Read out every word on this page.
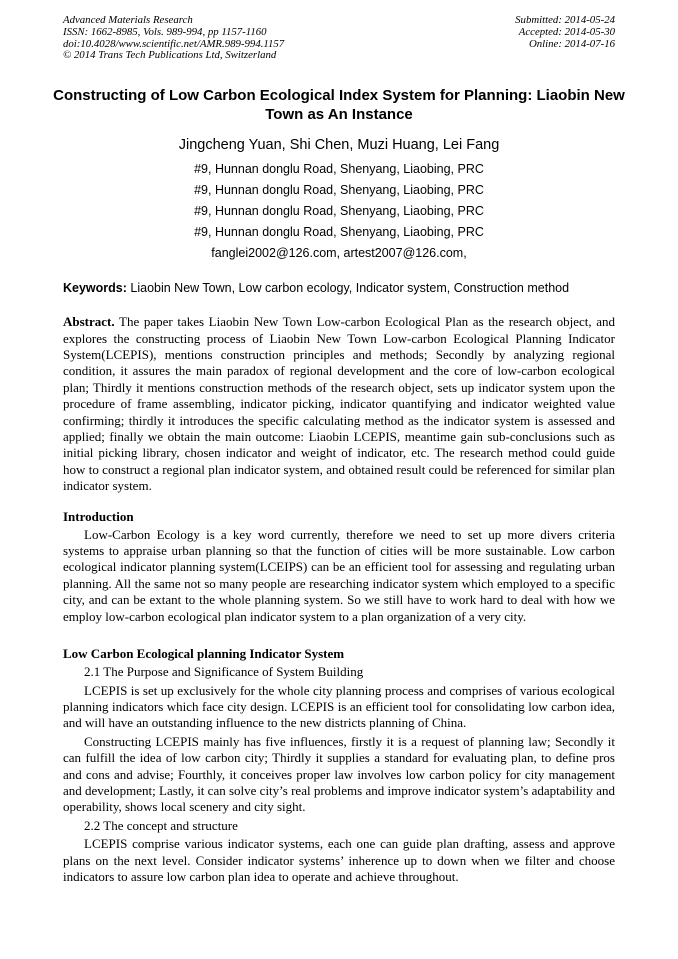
Advanced Materials Research
ISSN: 1662-8985, Vols. 989-994, pp 1157-1160
doi:10.4028/www.scientific.net/AMR.989-994.1157
© 2014 Trans Tech Publications Ltd, Switzerland
Submitted: 2014-05-24
Accepted: 2014-05-30
Online: 2014-07-16
Constructing of Low Carbon Ecological Index System for Planning: Liaobin New Town as An Instance
Jingcheng Yuan, Shi Chen, Muzi Huang, Lei Fang
#9, Hunnan donglu Road, Shenyang, Liaobing, PRC
#9, Hunnan donglu Road, Shenyang, Liaobing, PRC
#9, Hunnan donglu Road, Shenyang, Liaobing, PRC
#9, Hunnan donglu Road, Shenyang, Liaobing, PRC
fanglei2002@126.com, artest2007@126.com,

Keywords: Liaobin New Town, Low carbon ecology, Indicator system, Construction method

Abstract. The paper takes Liaobin New Town Low-carbon Ecological Plan as the research object, and explores the constructing process of Liaobin New Town Low-carbon Ecological Planning Indicator System(LCEPIS), mentions construction principles and methods; Secondly by analyzing regional condition, it assures the main paradox of regional development and the core of low-carbon ecological plan; Thirdly it mentions construction methods of the research object, sets up indicator system upon the procedure of frame assembling, indicator picking, indicator quantifying and indicator weighted value confirming; thirdly it introduces the specific calculating method as the indicator system is assessed and applied; finally we obtain the main outcome: Liaobin LCEPIS, meantime gain sub-conclusions such as initial picking library, chosen indicator and weight of indicator, etc. The research method could guide how to construct a regional plan indicator system, and obtained result could be referenced for similar plan indicator system.

Introduction

Low-Carbon Ecology is a key word currently, therefore we need to set up more divers criteria systems to appraise urban planning so that the function of cities will be more sustainable. Low carbon ecological indicator planning system(LCEIPS) can be an efficient tool for assessing and regulating urban planning. All the same not so many people are researching indicator system which employed to a specific city, and can be extant to the whole planning system. So we still have to work hard to deal with how we employ low-carbon ecological plan indicator system to a plan organization of a very city.

Low Carbon Ecological planning Indicator System

2.1 The Purpose and Significance of System Building

LCEPIS is set up exclusively for the whole city planning process and comprises of various ecological planning indicators which face city design. LCEPIS is an efficient tool for consolidating low carbon idea, and will have an outstanding influence to the new districts planning of China.

Constructing LCEPIS mainly has five influences, firstly it is a request of planning law; Secondly it can fulfill the idea of low carbon city; Thirdly it supplies a standard for evaluating plan, to define pros and cons and advise; Fourthly, it conceives proper law involves low carbon policy for city management and development; Lastly, it can solve city’s real problems and improve indicator system’s adaptability and operability, shows local scenery and city sight.

2.2 The concept and structure

LCEPIS comprise various indicator systems, each one can guide plan drafting, assess and approve plans on the next level. Consider indicator systems’ inherence up to down when we filter and choose indicators to assure low carbon plan idea to operate and achieve throughout.
